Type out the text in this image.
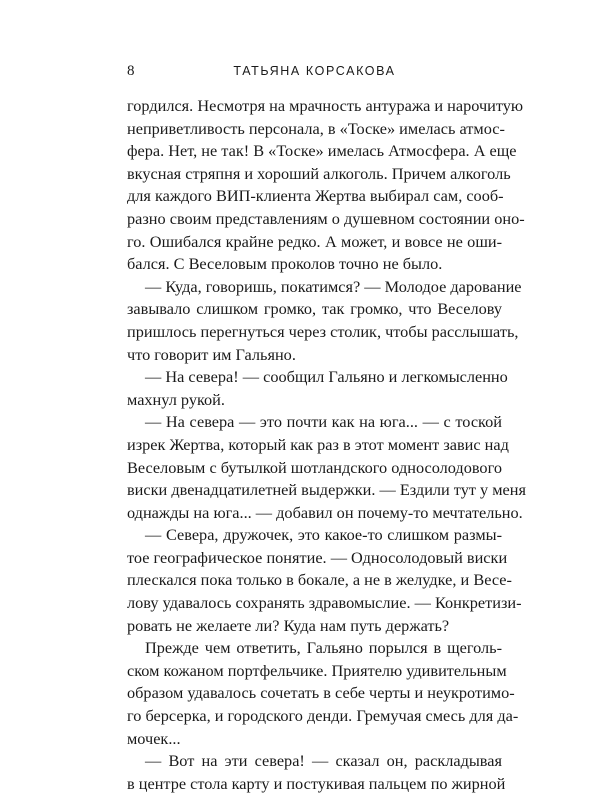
8	ТАТЬЯНА КОРСАКОВА
гордился. Несмотря на мрачность антуража и нарочитую
неприветливость персонала, в «Тоске» имелась атмос-
фера. Нет, не так! В «Тоске» имелась Атмосфера. А еще
вкусная стряпня и хороший алкоголь. Причем алкоголь
для каждого ВИП-клиента Жертва выбирал сам, сооб-
разно своим представлениям о душевном состоянии оно-
го. Ошибался крайне редко. А может, и вовсе не оши-
бался. С Веселовым проколов точно не было.
— Куда, говоришь, покатимся? — Молодое дарование
завывало слишком громко, так громко, что Веселову
пришлось перегнуться через столик, чтобы расслышать,
что говорит им Гальяно.
— На севера! — сообщил Гальяно и легкомысленно
махнул рукой.
— На севера — это почти как на юга... — с тоской
изрек Жертва, который как раз в этот момент завис над
Веселовым с бутылкой шотландского односолодового
виски двенадцатилетней выдержки. — Ездили тут у меня
однажды на юга... — добавил он почему-то мечтательно.
— Севера, дружочек, это какое-то слишком размы-
тое географическое понятие. — Односолодовый виски
плескался пока только в бокале, а не в желудке, и Весе-
лову удавалось сохранять здравомыслие. — Конкретизи-
ровать не желаете ли? Куда нам путь держать?
Прежде чем ответить, Гальяно порылся в щеголь-
ском кожаном портфельчике. Приятелю удивительным
образом удавалось сочетать в себе черты и неукротимо-
го берсерка, и городского денди. Гремучая смесь для да-
мочек...
— Вот на эти севера! — сказал он, раскладывая
в центре стола карту и постукивая пальцем по жирной
